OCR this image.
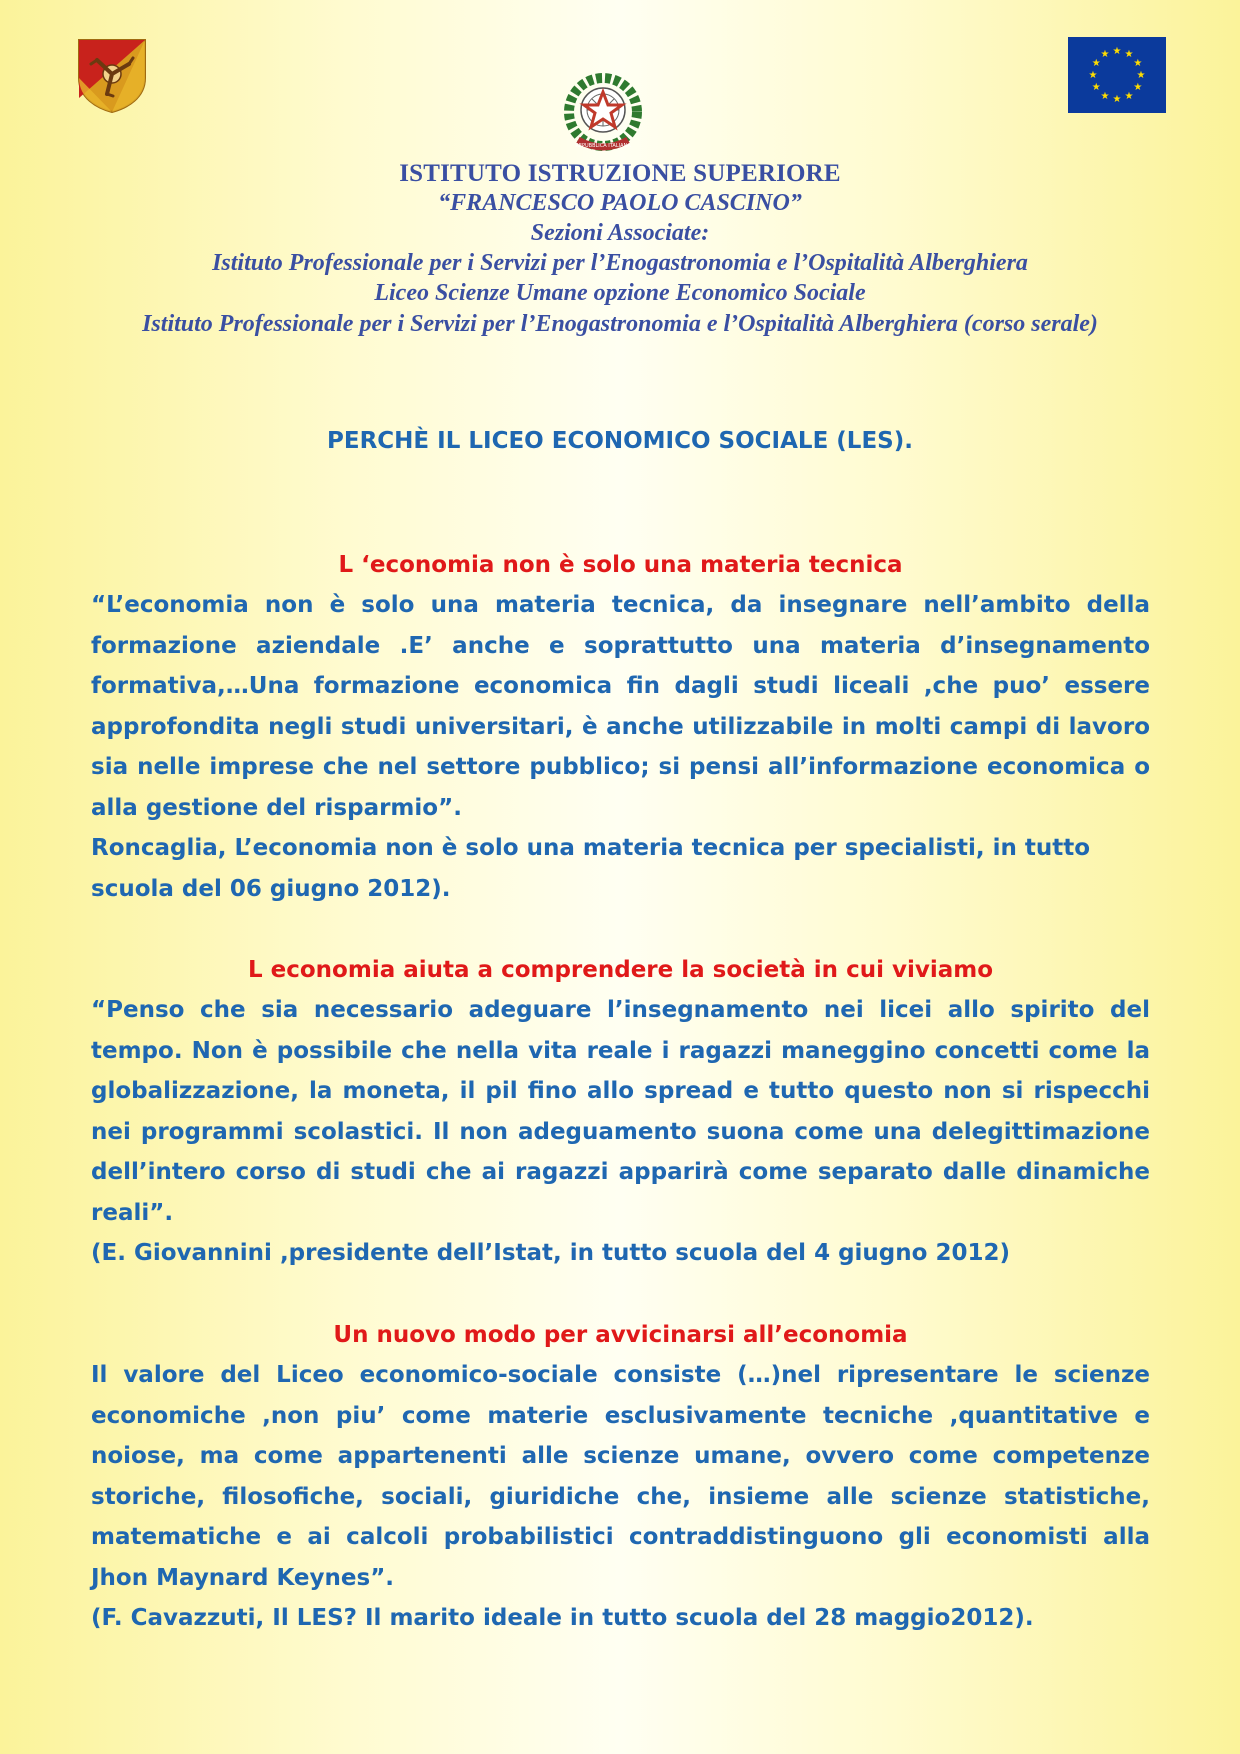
REPUBBLICA ITALIANA
★ ★
★
★
★
★
★
★
★
★
★
★
ISTITUTO ISTRUZIONE SUPERIORE
“FRANCESCO PAOLO CASCINO”
Sezioni Associate:
Istituto Professionale per i Servizi per l’Enogastronomia e l’Ospitalità Alberghiera
Liceo Scienze Umane opzione Economico Sociale
Istituto Professionale per i Servizi per l’Enogastronomia e l’Ospitalità Alberghiera (corso serale)
PERCHÈ IL LICEO ECONOMICO SOCIALE (LES).
L ‘economia non è solo una materia tecnica

“L’economia non è solo una materia tecnica, da insegnare nell’ambito della formazione aziendale .E’ anche e soprattutto una materia d’insegnamento formativa,…Una formazione economica fin dagli studi liceali ,che puo’ essere approfondita negli studi universitari, è anche utilizzabile in molti campi di lavoro sia nelle imprese che nel settore pubblico; si pensi all’informazione economica o alla gestione del risparmio”.

Roncaglia, L’economia non è solo una materia tecnica per specialisti, in tutto scuola del 06 giugno 2012).

L economia aiuta a comprendere la società in cui viviamo

“Penso che sia necessario adeguare l’insegnamento nei licei allo spirito del tempo. Non è possibile che nella vita reale i ragazzi maneggino concetti come la globalizzazione, la moneta, il pil fino allo spread e tutto questo non si rispecchi nei programmi scolastici. Il non adeguamento suona come una delegittimazione dell’intero corso di studi che ai ragazzi apparirà come separato dalle dinamiche reali”.

(E. Giovannini ,presidente dell’Istat, in tutto scuola del 4 giugno 2012)

Un nuovo modo per avvicinarsi all’economia

Il valore del Liceo economico-sociale consiste (…)nel ripresentare le scienze economiche ,non piu’ come materie esclusivamente tecniche ,quantitative e noiose, ma come appartenenti alle scienze umane, ovvero come competenze storiche, filosofiche, sociali, giuridiche che, insieme alle scienze statistiche, matematiche e ai calcoli probabilistici contraddistinguono gli economisti alla Jhon Maynard Keynes”.

(F. Cavazzuti, Il LES? Il marito ideale in tutto scuola del 28 maggio2012).
